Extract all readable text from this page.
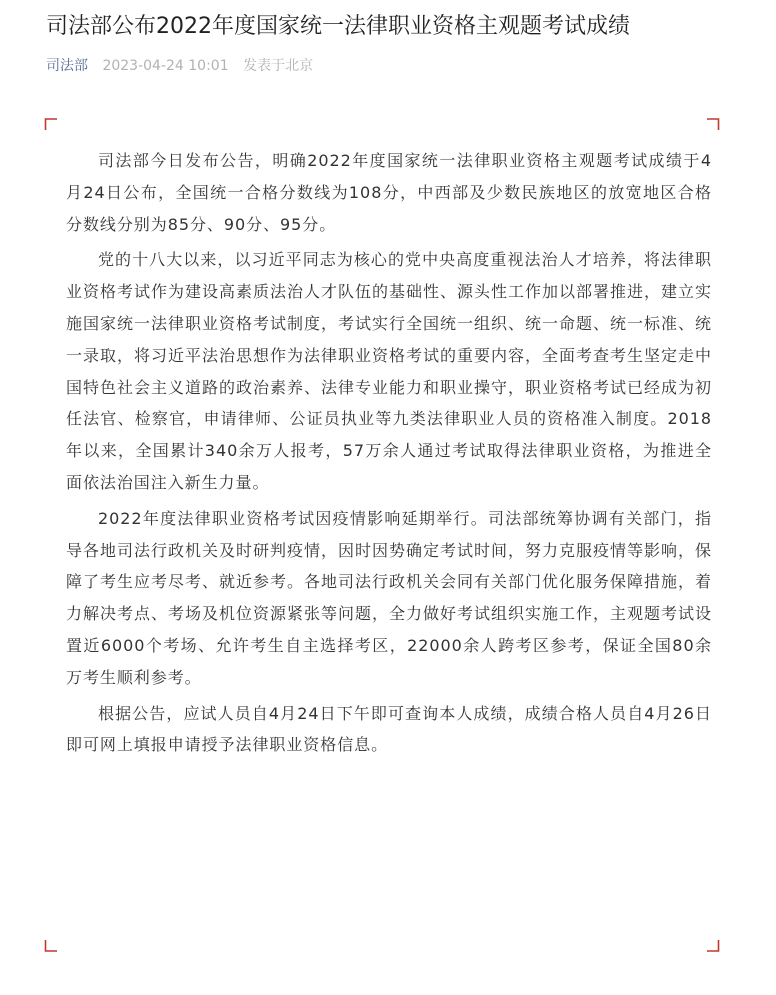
司法部公布2022年度国家统一法律职业资格主观题考试成绩
司法部 2023-04-24 10:01 发表于北京

司法部今日发布公告，明确2022年度国家统一法律职业资格主观题考试成绩于4月24日公布，全国统一合格分数线为108分，中西部及少数民族地区的放宽地区合格分数线分别为85分、90分、95分。

党的十八大以来，以习近平同志为核心的党中央高度重视法治人才培养，将法律职业资格考试作为建设高素质法治人才队伍的基础性、源头性工作加以部署推进，建立实施国家统一法律职业资格考试制度，考试实行全国统一组织、统一命题、统一标准、统一录取，将习近平法治思想作为法律职业资格考试的重要内容，全面考查考生坚定走中国特色社会主义道路的政治素养、法律专业能力和职业操守，职业资格考试已经成为初任法官、检察官，申请律师、公证员执业等九类法律职业人员的资格准入制度。2018年以来，全国累计340余万人报考，57万余人通过考试取得法律职业资格，为推进全面依法治国注入新生力量。

2022年度法律职业资格考试因疫情影响延期举行。司法部统筹协调有关部门，指导各地司法行政机关及时研判疫情，因时因势确定考试时间，努力克服疫情等影响，保障了考生应考尽考、就近参考。各地司法行政机关会同有关部门优化服务保障措施，着力解决考点、考场及机位资源紧张等问题，全力做好考试组织实施工作，主观题考试设置近6000个考场、允许考生自主选择考区，22000余人跨考区参考，保证全国80余万考生顺利参考。

根据公告，应试人员自4月24日下午即可查询本人成绩，成绩合格人员自4月26日即可网上填报申请授予法律职业资格信息。
